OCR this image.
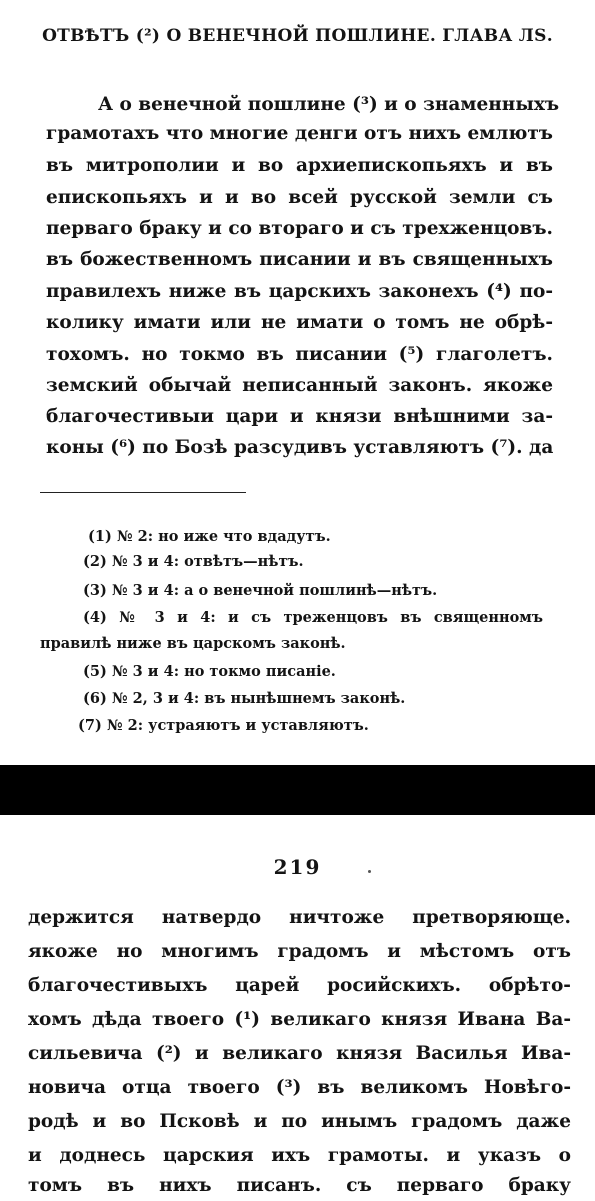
ОТВѢТЪ (²) О ВЕНЕЧНОЙ ПОШЛИНЕ. ГЛАВА ЛЅ.
А о венечной пошлине (³) и о знаменныхъ
грамотахъ что многие денги отъ нихъ емлютъ
въ митрополии и во архиепископьяхъ и въ
епископьяхъ и и во всей русской земли съ
перваго браку и со втораго и съ трехженцовъ.
въ божественномъ писании и въ священныхъ
правилехъ ниже въ царскихъ законехъ (⁴) по-
колику имати или не имати о томъ не обрѣ-
тохомъ. но токмо въ писании (⁵) глаголетъ.
земский обычай неписанный законъ. якоже
благочестивыи цари и князи внѣшними за-
коны (⁶) по Бозѣ разсудивъ уставляютъ (⁷). да
(1) № 2: но иже что вдадутъ.
(2) № 3 и 4: отвѣтъ—нѣтъ.
(3) № 3 и 4: а о венечной пошлинѣ—нѣтъ.
(4) № 3 и 4: и съ треженцовъ въ священномъ
правилѣ ниже въ царскомъ законѣ.
(5) № 3 и 4: но токмо писаніе.
(6) № 2, 3 и 4: въ нынѣшнемъ законѣ.
(7) № 2: устраяютъ и уставляютъ.
219
держится натвердо ничтоже претворяюще.
якоже но многимъ градомъ и мѣстомъ отъ
благочестивыхъ царей росийскихъ. обрѣто-
хомъ дѣда твоего (¹) великаго князя Ивана Ва-
сильевича (²) и великаго князя Василья Ива-
новича отца твоего (³) въ великомъ Новѣго-
родѣ и во Псковѣ и по инымъ градомъ даже
и доднесь царския ихъ грамоты. и указъ о
томъ въ нихъ писанъ. съ перваго браку
